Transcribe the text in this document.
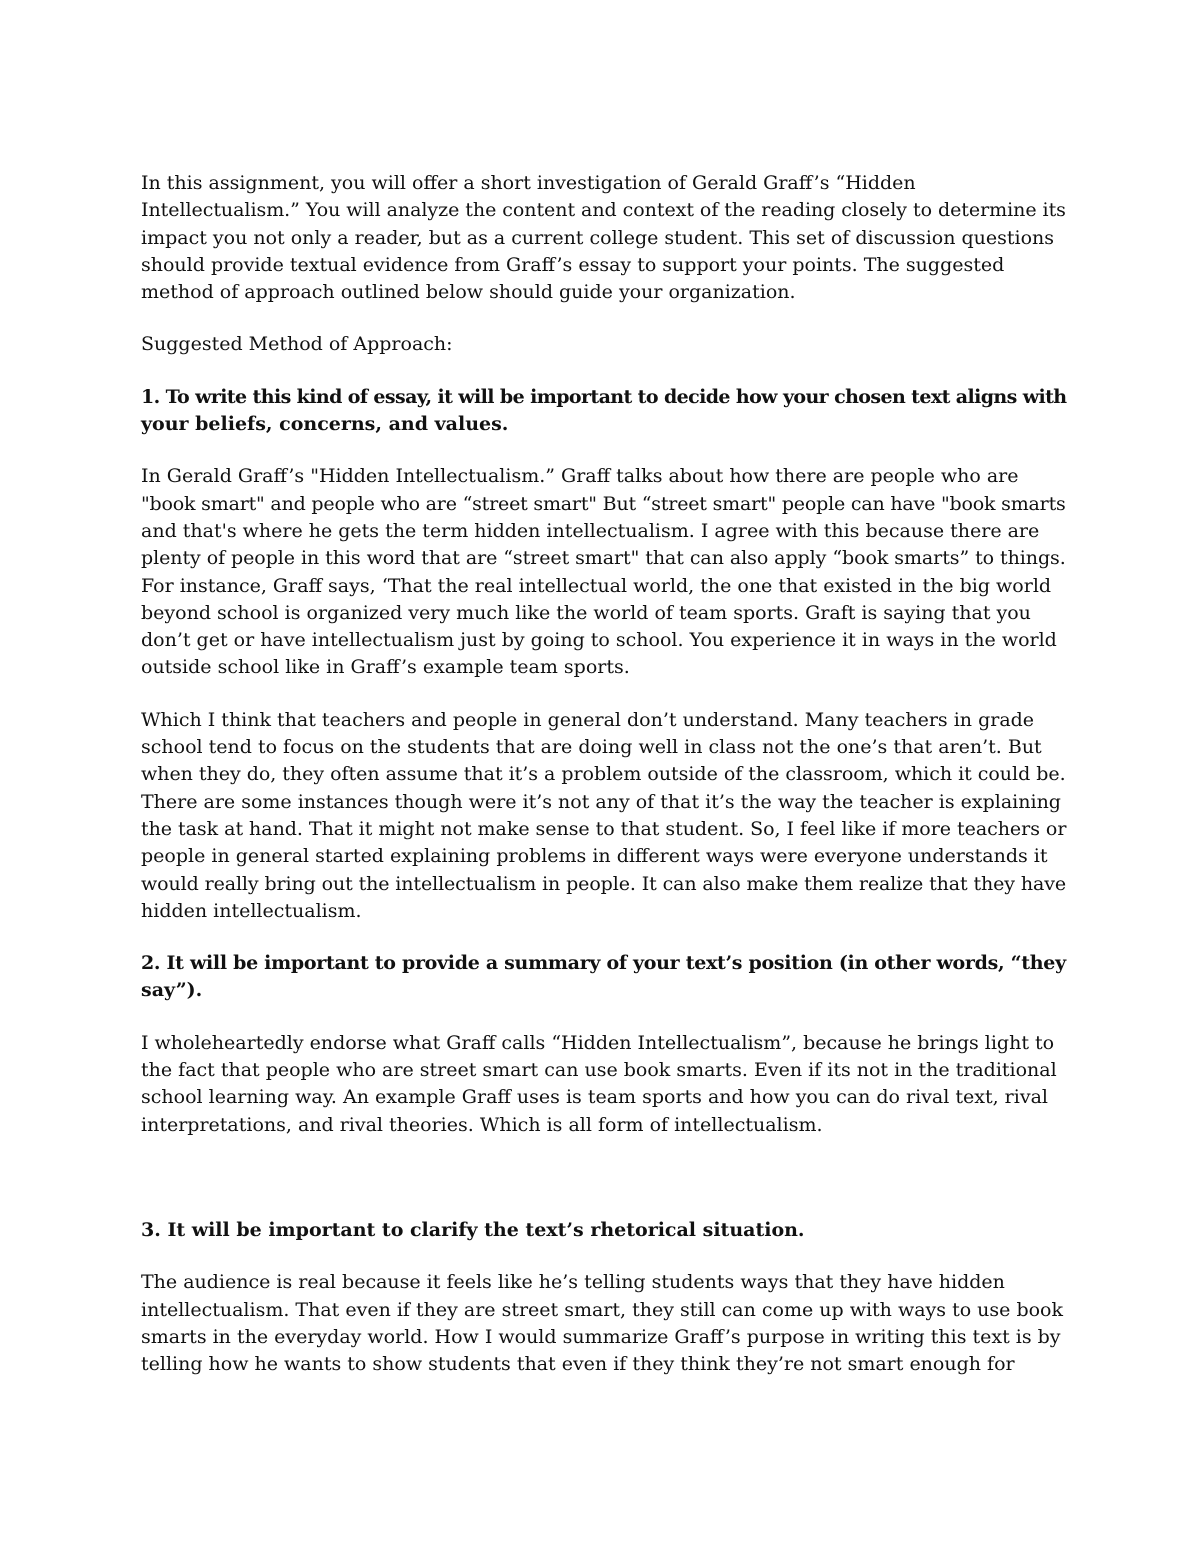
In this assignment, you will offer a short investigation of Gerald Graff’s “Hidden
Intellectualism.” You will analyze the content and context of the reading closely to determine its
impact you not only a reader, but as a current college student. This set of discussion questions
should provide textual evidence from Graff’s essay to support your points. The suggested
method of approach outlined below should guide your organization.

Suggested Method of Approach:

1. To write this kind of essay, it will be important to decide how your chosen text aligns with
your beliefs, concerns, and values.

In Gerald Graff’s "Hidden Intellectualism.” Graff talks about how there are people who are
"book smart" and people who are “street smart" But “street smart" people can have "book smarts
and that's where he gets the term hidden intellectualism. I agree with this because there are
plenty of people in this word that are “street smart" that can also apply “book smarts” to things.
For instance, Graff says, ‘That the real intellectual world, the one that existed in the big world
beyond school is organized very much like the world of team sports. Graft is saying that you
don’t get or have intellectualism just by going to school. You experience it in ways in the world
outside school like in Graff’s example team sports.

Which I think that teachers and people in general don’t understand. Many teachers in grade
school tend to focus on the students that are doing well in class not the one’s that aren’t. But
when they do, they often assume that it’s a problem outside of the classroom, which it could be.
There are some instances though were it’s not any of that it’s the way the teacher is explaining
the task at hand. That it might not make sense to that student. So, I feel like if more teachers or
people in general started explaining problems in different ways were everyone understands it
would really bring out the intellectualism in people. It can also make them realize that they have
hidden intellectualism.

2. It will be important to provide a summary of your text’s position (in other words, “they
say”).

I wholeheartedly endorse what Graff calls “Hidden Intellectualism”, because he brings light to
the fact that people who are street smart can use book smarts. Even if its not in the traditional
school learning way. An example Graff uses is team sports and how you can do rival text, rival
interpretations, and rival theories. Which is all form of intellectualism.

3. It will be important to clarify the text’s rhetorical situation.

The audience is real because it feels like he’s telling students ways that they have hidden
intellectualism. That even if they are street smart, they still can come up with ways to use book
smarts in the everyday world. How I would summarize Graff’s purpose in writing this text is by
telling how he wants to show students that even if they think they’re not smart enough for
